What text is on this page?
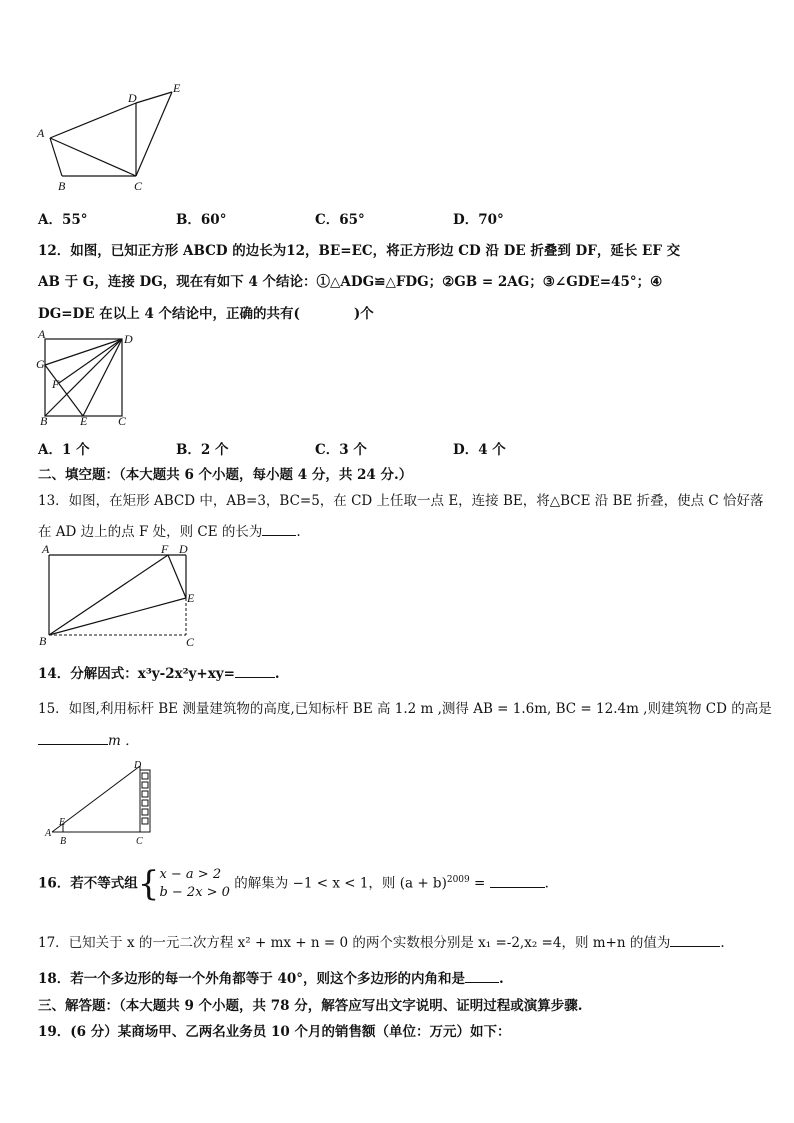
A
B	C
D
E
A．55°	B．60°	C．65°	D．70°
12．如图，已知正方形 ABCD 的边长为12，BE=EC，将正方形边 CD 沿 DE 折叠到 DF，延长 EF 交
AB 于 G，连接 DG，现在有如下 4 个结论：①△ADG≌△FDG；②GB = 2AG；③∠GDE=45°；④
DG=DE 在以上 4 个结论中，正确的共有(　　　　)个
A	D
G
F
B	E	C
A．1 个	B．2 个	C．3 个	D．4 个
二、填空题：（本大题共 6 个小题，每小题 4 分，共 24 分.）
13．如图，在矩形 ABCD 中，AB=3，BC=5，在 CD 上任取一点 E，连接 BE，将△BCE 沿 BE 折叠，使点 C 恰好落
在 AD 边上的点 F 处，则 CE 的长为	.
A	F D
E
B	C
14．分解因式：x³y-2x²y+xy=	.
15．如图,利用标杆 BE 测量建筑物的高度,已知标杆 BE 高 1.2 m ,测得 AB = 1.6m, BC = 12.4m ,则建筑物 CD 的高是
m ．
D
E
A
B	C
16．若不等式组{x − a > 2
b − 2x > 0 的解集为 −1 < x < 1，则 $(a + b)^{2009}$ =	.
17．已知关于 x 的一元二次方程 x² + mx + n = 0 的两个实数根分别是 x₁ =-2,x₂ =4，则 m+n 的值为	.
18．若一个多边形的每一个外角都等于 40°，则这个多边形的内角和是	.
三、解答题：（本大题共 9 个小题，共 78 分，解答应写出文字说明、证明过程或演算步骤.
19．(6 分）某商场甲、乙两名业务员 10 个月的销售额（单位：万元）如下：
